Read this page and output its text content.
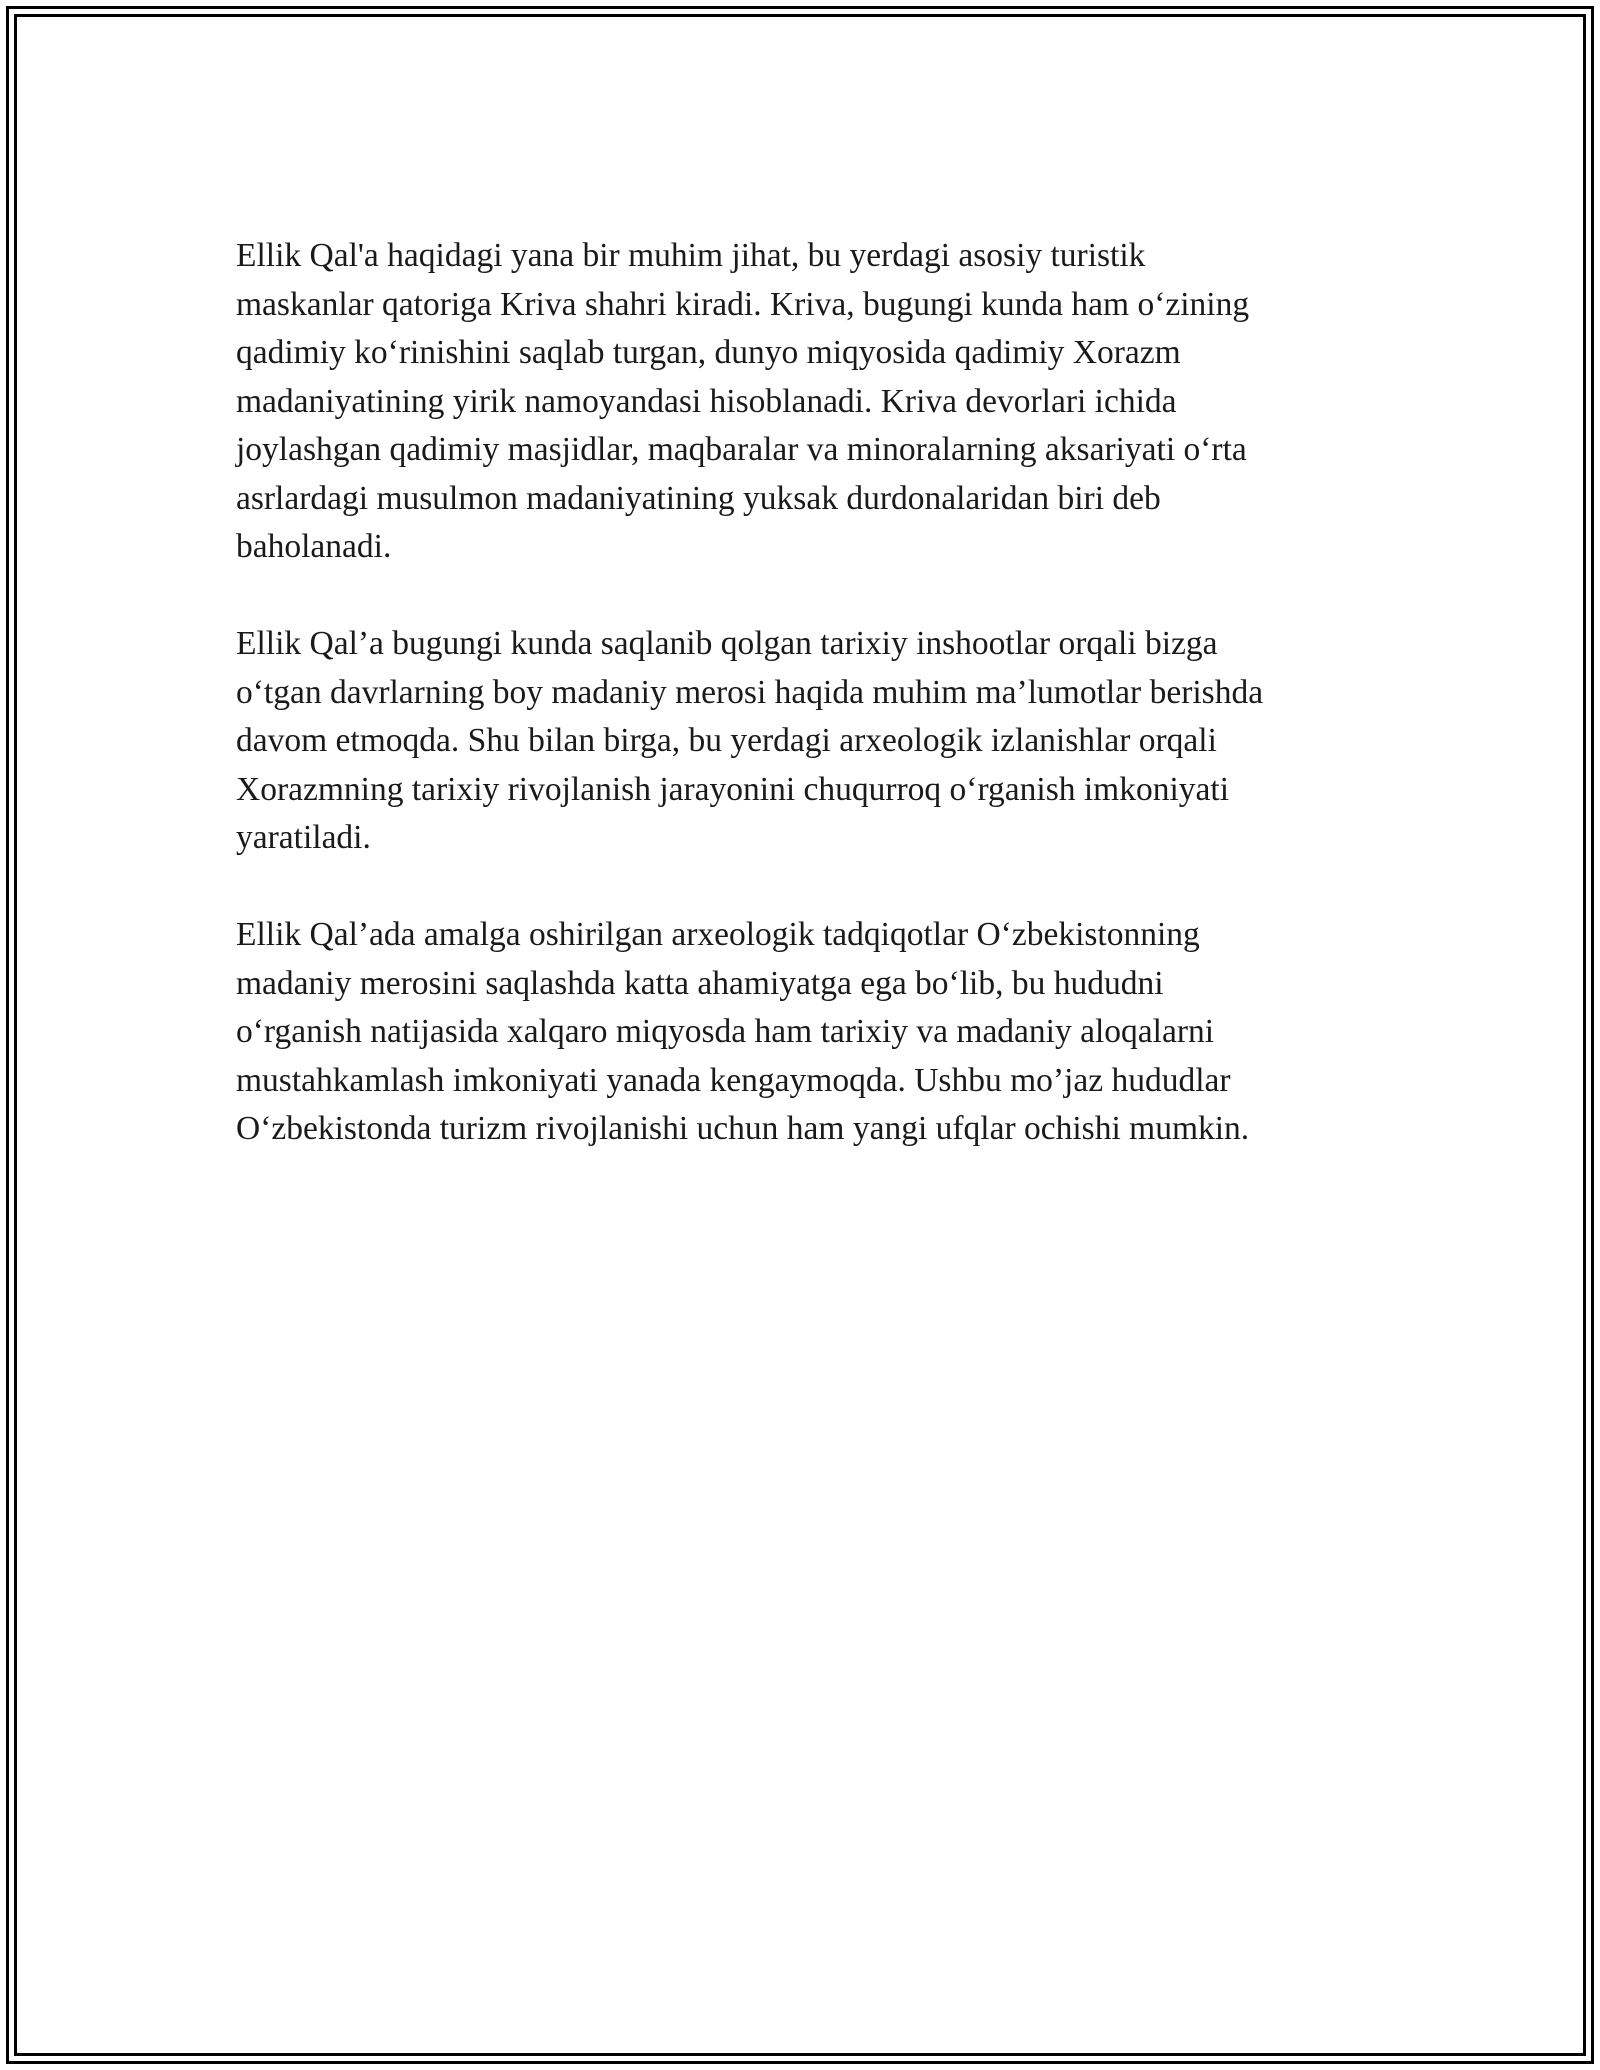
Ellik Qal'a haqidagi yana bir muhim jihat, bu yerdagi asosiy turistik
maskanlar qatoriga Kriva shahri kiradi. Kriva, bugungi kunda ham o‘zining
qadimiy ko‘rinishini saqlab turgan, dunyo miqyosida qadimiy Xorazm
madaniyatining yirik namoyandasi hisoblanadi. Kriva devorlari ichida
joylashgan qadimiy masjidlar, maqbaralar va minoralarning aksariyati o‘rta
asrlardagi musulmon madaniyatining yuksak durdonalaridan biri deb
baholanadi.

Ellik Qal’a bugungi kunda saqlanib qolgan tarixiy inshootlar orqali bizga
o‘tgan davrlarning boy madaniy merosi haqida muhim ma’lumotlar berishda
davom etmoqda. Shu bilan birga, bu yerdagi arxeologik izlanishlar orqali
Xorazmning tarixiy rivojlanish jarayonini chuqurroq o‘rganish imkoniyati
yaratiladi.

Ellik Qal’ada amalga oshirilgan arxeologik tadqiqotlar O‘zbekistonning
madaniy merosini saqlashda katta ahamiyatga ega bo‘lib, bu hududni
o‘rganish natijasida xalqaro miqyosda ham tarixiy va madaniy aloqalarni
mustahkamlash imkoniyati yanada kengaymoqda. Ushbu mo’jaz hududlar
O‘zbekistonda turizm rivojlanishi uchun ham yangi ufqlar ochishi mumkin.
